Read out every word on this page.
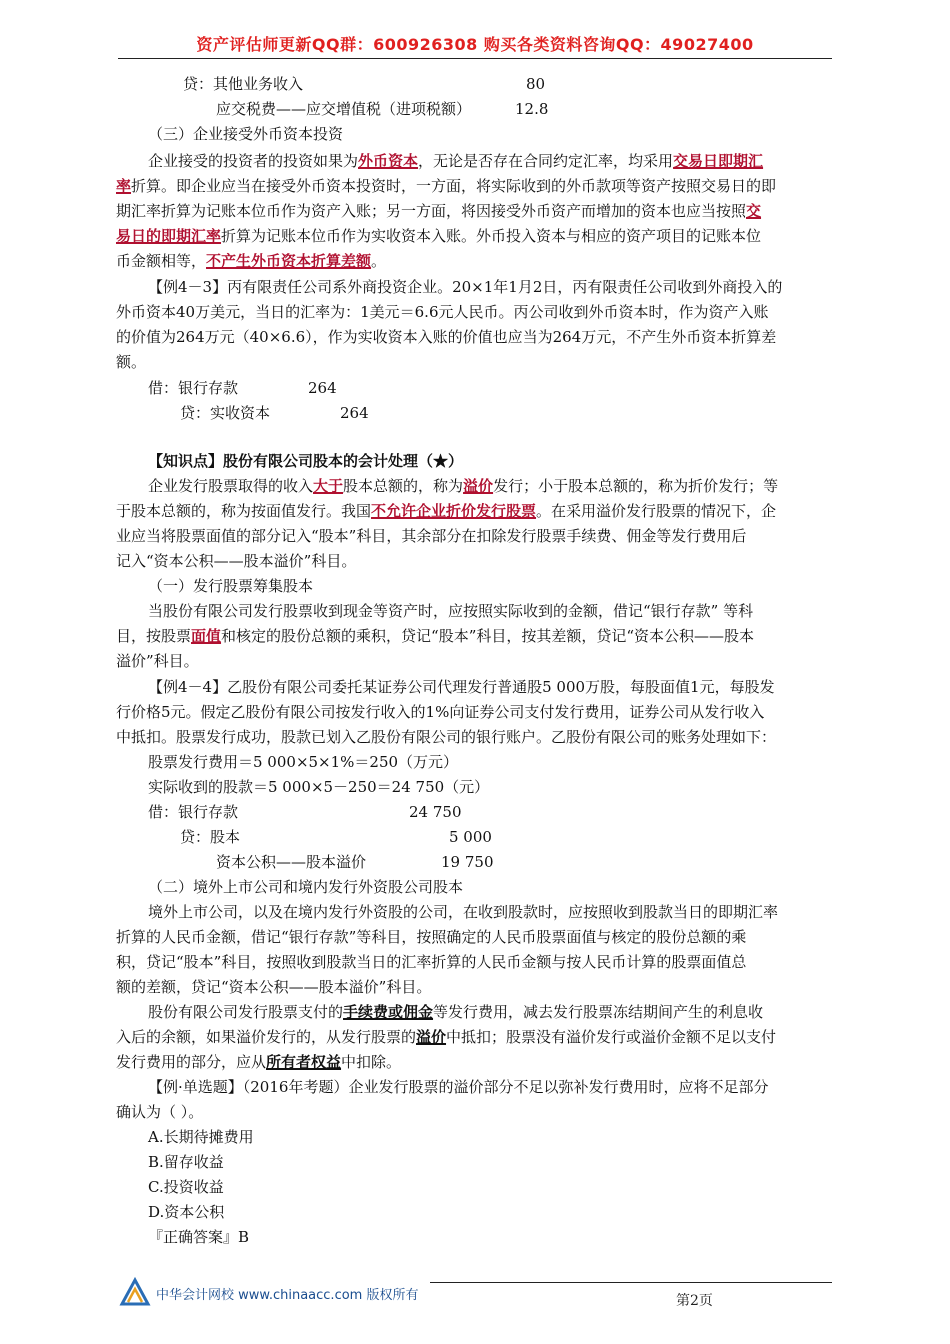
资产评估师更新QQ群：600926308 购买各类资料咨询QQ：49027400
贷：其他业务收入	80
应交税费——应交增值税（进项税额）	12.8
（三）企业接受外币资本投资
企业接受的投资者的投资如果为外币资本，无论是否存在合同约定汇率，均采用交易日即期汇
率折算。即企业应当在接受外币资本投资时，一方面，将实际收到的外币款项等资产按照交易日的即
期汇率折算为记账本位币作为资产入账；另一方面，将因接受外币资产而增加的资本也应当按照交
易日的即期汇率折算为记账本位币作为实收资本入账。外币投入资本与相应的资产项目的记账本位
币金额相等，不产生外币资本折算差额。
【例4－3】丙有限责任公司系外商投资企业。20×1年1月2日，丙有限责任公司收到外商投入的
外币资本40万美元，当日的汇率为：1美元＝6.6元人民币。丙公司收到外币资本时，作为资产入账
的价值为264万元（40×6.6），作为实收资本入账的价值也应当为264万元，不产生外币资本折算差
额。
借：银行存款	264
贷：实收资本	264
【知识点】股份有限公司股本的会计处理（★）
企业发行股票取得的收入大于股本总额的，称为溢价发行；小于股本总额的，称为折价发行；等
于股本总额的，称为按面值发行。我国不允许企业折价发行股票。在采用溢价发行股票的情况下，企
业应当将股票面值的部分记入“股本”科目，其余部分在扣除发行股票手续费、佣金等发行费用后
记入“资本公积——股本溢价”科目。
（一）发行股票筹集股本
当股份有限公司发行股票收到现金等资产时，应按照实际收到的金额，借记“银行存款” 等科
目，按股票面值和核定的股份总额的乘积，贷记“股本”科目，按其差额，贷记“资本公积——股本
溢价”科目。
【例4－4】乙股份有限公司委托某证券公司代理发行普通股5 000万股，每股面值1元，每股发
行价格5元。假定乙股份有限公司按发行收入的1%向证券公司支付发行费用，证券公司从发行收入
中抵扣。股票发行成功，股款已划入乙股份有限公司的银行账户。乙股份有限公司的账务处理如下：
股票发行费用＝5 000×5×1%＝250（万元）
实际收到的股款＝5 000×5－250＝24 750（元）
借：银行存款	24 750
贷：股本	5 000
资本公积——股本溢价	19 750
（二）境外上市公司和境内发行外资股公司股本
境外上市公司，以及在境内发行外资股的公司，在收到股款时，应按照收到股款当日的即期汇率
折算的人民币金额，借记“银行存款”等科目，按照确定的人民币股票面值与核定的股份总额的乘
积，贷记“股本”科目，按照收到股款当日的汇率折算的人民币金额与按人民币计算的股票面值总
额的差额，贷记“资本公积——股本溢价”科目。
股份有限公司发行股票支付的手续费或佣金等发行费用，减去发行股票冻结期间产生的利息收
入后的余额，如果溢价发行的，从发行股票的溢价中抵扣；股票没有溢价发行或溢价金额不足以支付
发行费用的部分，应从所有者权益中扣除。
【例·单选题】（2016年考题）企业发行股票的溢价部分不足以弥补发行费用时，应将不足部分
确认为（ ）。
A.长期待摊费用
B.留存收益
C.投资收益
D.资本公积
『正确答案』B
中华会计网校 www.chinaacc.com 版权所有	第2页
